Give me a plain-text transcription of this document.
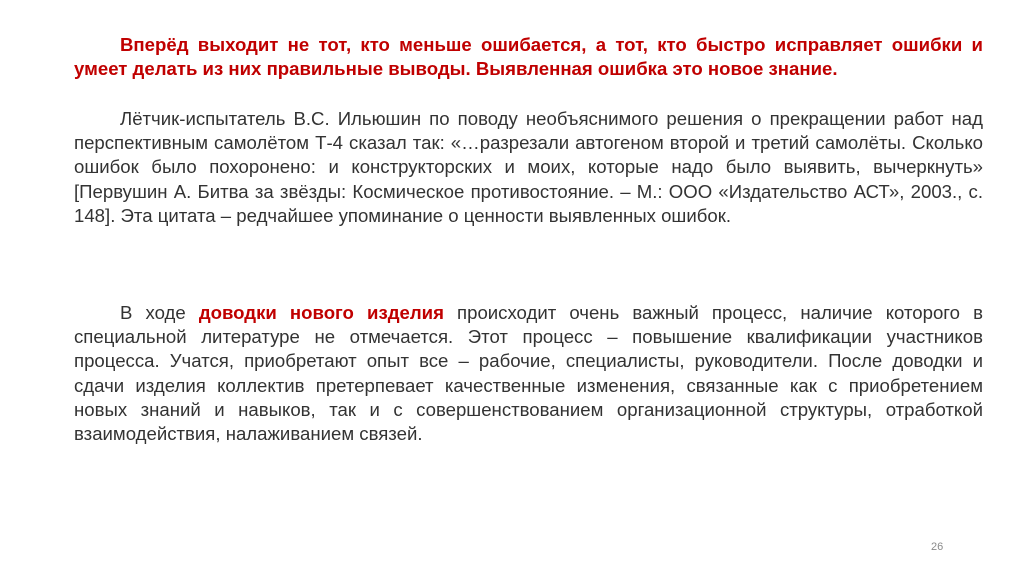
Вперёд выходит не тот, кто меньше ошибается, а тот, кто быстро исправляет ошибки и умеет делать из них правильные выводы. Выявленная ошибка это новое знание.

Лётчик-испытатель В.С. Ильюшин по поводу необъяснимого решения о прекращении работ над перспективным самолётом Т-4 сказал так: «…разрезали автогеном второй и третий самолёты. Сколько ошибок было похоронено: и конструкторских и моих, которые надо было выявить, вычеркнуть» [Первушин А. Битва за звёзды: Космическое противостояние. – М.: ООО «Издательство АСТ», 2003., с. 148]. Эта цитата – редчайшее упоминание о ценности выявленных ошибок.

В ходе доводки нового изделия происходит очень важный процесс, наличие которого в специальной литературе не отмечается. Этот процесс – повышение квалификации участников процесса. Учатся, приобретают опыт все – рабочие, специалисты, руководители. После доводки и сдачи изделия коллектив претерпевает качественные изменения, связанные как с приобретением новых знаний и навыков, так и с совершенствованием организационной структуры, отработкой взаимодействия, налаживанием связей.

26
